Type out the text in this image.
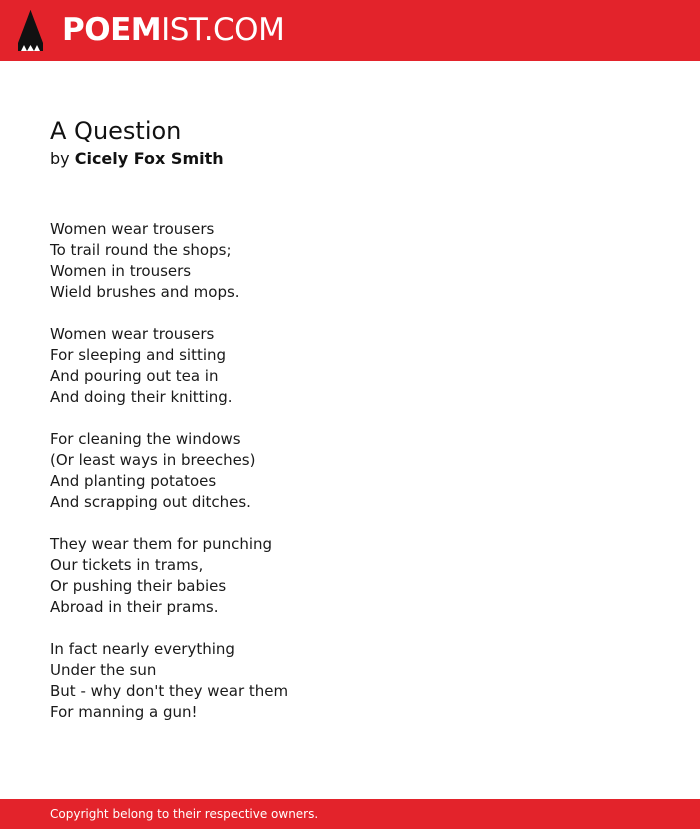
POEMIST.COM
A Question
by Cicely Fox Smith
Women wear trousers
To trail round the shops;
Women in trousers
Wield brushes and mops.
Women wear trousers
For sleeping and sitting
And pouring out tea in
And doing their knitting.
For cleaning the windows
(Or least ways in breeches)
And planting potatoes
And scrapping out ditches.
They wear them for punching
Our tickets in trams,
Or pushing their babies
Abroad in their prams.
In fact nearly everything
Under the sun
But - why don't they wear them
For manning a gun!
Copyright belong to their respective owners.
